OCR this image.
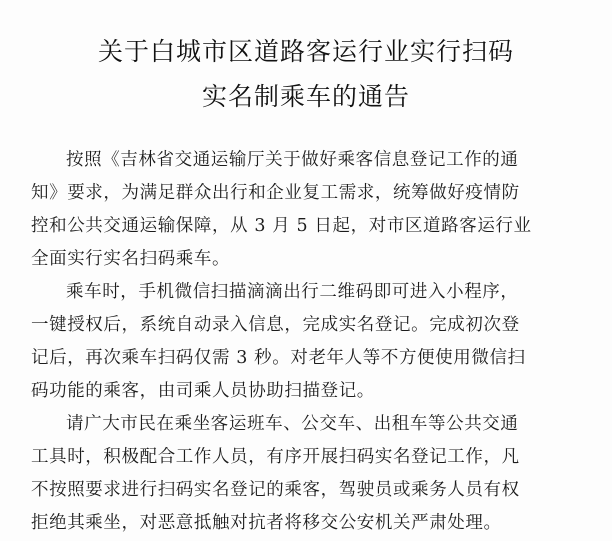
关于白城市区道路客运行业实行扫码
实名制乘车的通告
按照《吉林省交通运输厅关于做好乘客信息登记工作的通
知》要求，为满足群众出行和企业复工需求，统筹做好疫情防
控和公共交通运输保障，从 3 月 5 日起，对市区道路客运行业
全面实行实名扫码乘车。
乘车时，手机微信扫描滴滴出行二维码即可进入小程序，
一键授权后，系统自动录入信息，完成实名登记。完成初次登
记后，再次乘车扫码仅需 3 秒。对老年人等不方便使用微信扫
码功能的乘客，由司乘人员协助扫描登记。
请广大市民在乘坐客运班车、公交车、出租车等公共交通
工具时，积极配合工作人员，有序开展扫码实名登记工作，凡
不按照要求进行扫码实名登记的乘客，驾驶员或乘务人员有权
拒绝其乘坐，对恶意抵触对抗者将移交公安机关严肃处理。
